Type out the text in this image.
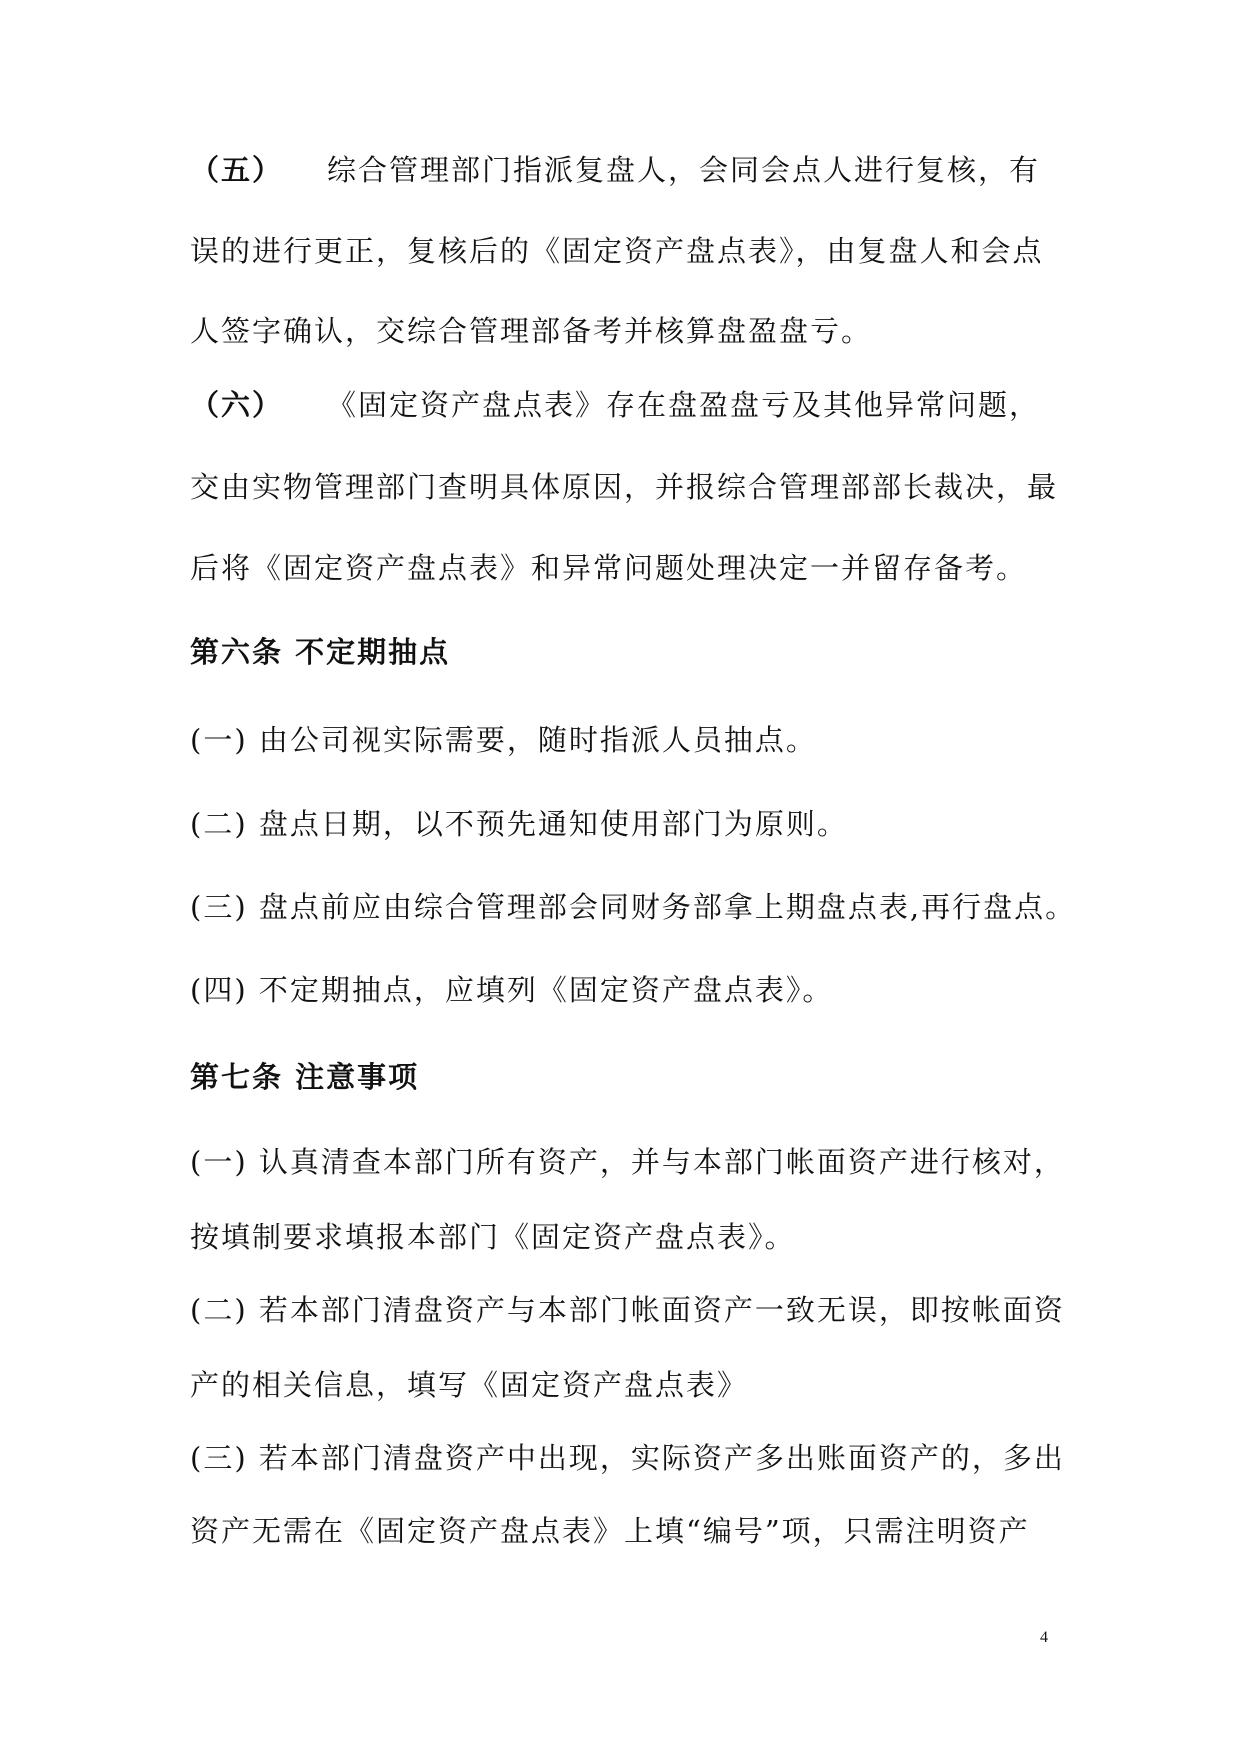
（五） 综合管理部门指派复盘人，会同会点人进行复核，有
误的进行更正，复核后的《固定资产盘点表》，由复盘人和会点
人签字确认，交综合管理部备考并核算盘盈盘亏。
（六） 《固定资产盘点表》存在盘盈盘亏及其他异常问题，
交由实物管理部门查明具体原因，并报综合管理部部长裁决，最
后将《固定资产盘点表》和异常问题处理决定一并留存备考。
第六条 不定期抽点
(一) 由公司视实际需要，随时指派人员抽点。
(二) 盘点日期，以不预先通知使用部门为原则。
(三) 盘点前应由综合管理部会同财务部拿上期盘点表,再行盘点。
(四) 不定期抽点，应填列《固定资产盘点表》。
第七条 注意事项
(一) 认真清查本部门所有资产，并与本部门帐面资产进行核对，
按填制要求填报本部门《固定资产盘点表》。
(二) 若本部门清盘资产与本部门帐面资产一致无误，即按帐面资
产的相关信息，填写《固定资产盘点表》
(三) 若本部门清盘资产中出现，实际资产多出账面资产的，多出
资产无需在《固定资产盘点表》上填“编号”项，只需注明资产
4
